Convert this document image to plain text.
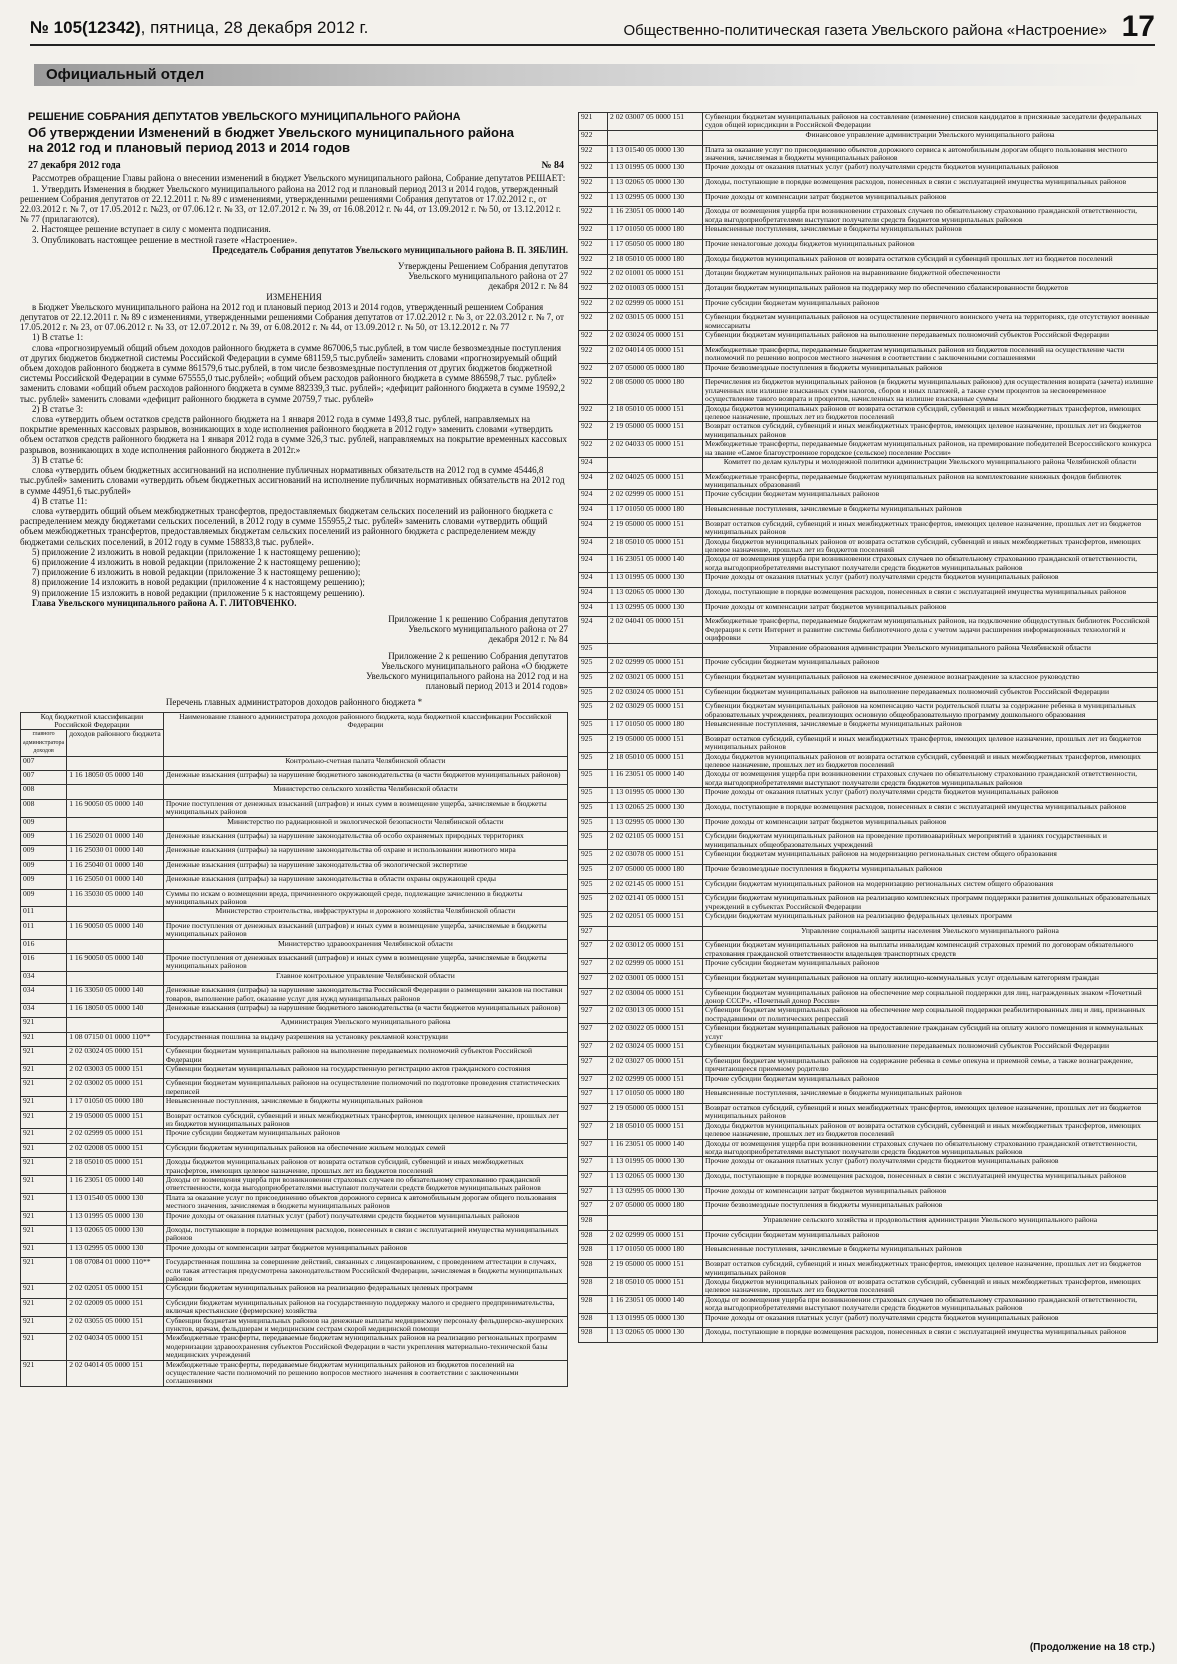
№ 105(12342), пятница, 28 декабря 2012 г.	Общественно-политическая газета Увельского района «Настроение» 17
Официальный отдел
РЕШЕНИЕ СОБРАНИЯ ДЕПУТАТОВ УВЕЛЬСКОГО МУНИЦИПАЛЬНОГО РАЙОНА
Об утверждении Изменений в бюджет Увельского муниципального района на 2012 год и плановый период 2013 и 2014 годов
27 декабря 2012 года	№ 84

Рассмотрев обращение Главы района о внесении изменений в бюджет Увельского муниципального района, Собрание депутатов РЕШАЕТ:

1. Утвердить Изменения в бюджет Увельского муниципального района на 2012 год и плановый период 2013 и 2014 годов, утвержденный решением Собрания депутатов от 22.12.2011 г. № 89 с изменениями, утвержденными решениями Собрания депутатов от 17.02.2012 г., от 22.03.2012 г. № 7, от 17.05.2012 г. №23, от 07.06.12 г. № 33, от 12.07.2012 г. № 39, от 16.08.2012 г. № 44, от 13.09.2012 г. № 50, от 13.12.2012 г. № 77 (прилагаются).

2. Настоящее решение вступает в силу с момента подписания.

3. Опубликовать настоящее решение в местной газете «Настроение».

Председатель Собрания депутатов Увельского муниципального района В. П. ЗЯБЛИН.

Утверждены Решением Собрания депутатов Увельского муниципального района от 27 декабря 2012 г. № 84

ИЗМЕНЕНИЯ

в Бюджет Увельского муниципального района на 2012 год и плановый период 2013 и 2014 годов, утвержденный решением Собрания депутатов от 22.12.2011 г. № 89 с изменениями, утвержденными решениями Собрания депутатов от 17.02.2012 г. № 3, от 22.03.2012 г. № 7, от 17.05.2012 г. № 23, от 07.06.2012 г. № 33, от 12.07.2012 г. № 39, от 6.08.2012 г. № 44, от 13.09.2012 г. № 50, от 13.12.2012 г. № 77

1) В статье 1:

слова «прогнозируемый общий объем доходов районного бюджета в сумме 867006,5 тыс.рублей, в том числе безвозмездные поступления от других бюджетов бюджетной системы Российской Федерации в сумме 681159,5 тыс.рублей» заменить словами «прогнозируемый общий объем доходов районного бюджета в сумме 861579,6 тыс.рублей, в том числе безвозмездные поступления от других бюджетов бюджетной системы Российской Федерации в сумме 675555,0 тыс.рублей»; «общий объем расходов районного бюджета в сумме 886598,7 тыс. рублей» заменить словами «общий объем расходов районного бюджета в сумме 882339,3 тыс. рублей»; «дефицит районного бюджета в сумме 19592,2 тыс. рублей» заменить словами «дефицит районного бюджета в сумме 20759,7 тыс. рублей»

2) В статье 3:

слова «утвердить объем остатков средств районного бюджета на 1 января 2012 года в сумме 1493,8 тыс. рублей, направляемых на покрытие временных кассовых разрывов, возникающих в ходе исполнения районного бюджета в 2012 году» заменить словами «утвердить объем остатков средств районного бюджета на 1 января 2012 года в сумме 326,3 тыс. рублей, направляемых на покрытие временных кассовых разрывов, возникающих в ходе исполнения районного бюджета в 2012г.»

3) В статье 6:

слова «утвердить объем бюджетных ассигнований на исполнение публичных нормативных обязательств на 2012 год в сумме 45446,8 тыс.рублей» заменить словами «утвердить объем бюджетных ассигнований на исполнение публичных нормативных обязательств на 2012 год в сумме 44951,6 тыс.рублей»

4) В статье 11:

слова «утвердить общий объем межбюджетных трансфертов, предоставляемых бюджетам сельских поселений из районного бюджета с распределением между бюджетами сельских поселений, в 2012 году в сумме 155955,2 тыс. рублей» заменить словами «утвердить общий объем межбюджетных трансфертов, предоставляемых бюджетам сельских поселений из районного бюджета с распределением между бюджетами сельских поселений, в 2012 году в сумме 158833,8 тыс. рублей».

5) приложение 2 изложить в новой редакции (приложение 1 к настоящему решению);

6) приложение 4 изложить в новой редакции (приложение 2 к настоящему решению);

7) приложение 6 изложить в новой редакции (приложение 3 к настоящему решению);

8) приложение 14 изложить в новой редакции (приложение 4 к настоящему решению);

9) приложение 15 изложить в новой редакции (приложение 5 к настоящему решению).

Глава Увельского муниципального района А. Г. ЛИТОВЧЕНКО.

Приложение 1 к решению Собрания депутатов Увельского муниципального района от 27 декабря 2012 г. № 84

Приложение 2 к решению Собрания депутатов Увельского муниципального района «О бюджете Увельского муниципального района на 2012 год и на плановый период 2013 и 2014 годов»

Перечень главных администраторов доходов районного бюджета *

Код бюджетной классификации Российской Федерации		Наименование главного администратора доходов районного бюджета, кода бюджетной классификации Российской Федерации
главного администратора доходов	доходов районного бюджета	
007		Контрольно-счетная палата Челябинской области
007	1 16 18050 05 0000 140	Денежные взыскания (штрафы) за нарушение бюджетного законодательства (в части бюджетов муниципальных районов)
008		Министерство сельского хозяйства Челябинской области
008	1 16 90050 05 0000 140	Прочие поступления от денежных взысканий (штрафов) и иных сумм в возмещение ущерба, зачисляемые в бюджеты муниципальных районов
009		Министерство по радиационной и экологической безопасности Челябинской области
009	1 16 25020 01 0000 140	Денежные взыскания (штрафы) за нарушение законодательства об особо охраняемых природных территориях
009	1 16 25030 01 0000 140	Денежные взыскания (штрафы) за нарушение законодательства об охране и использовании животного мира
009	1 16 25040 01 0000 140	Денежные взыскания (штрафы) за нарушение законодательства об экологической экспертизе
009	1 16 25050 01 0000 140	Денежные взыскания (штрафы) за нарушение законодательства в области охраны окружающей среды
009	1 16 35030 05 0000 140	Суммы по искам о возмещении вреда, причиненного окружающей среде, подлежащие зачислению в бюджеты муниципальных районов
011		Министерство строительства, инфраструктуры и дорожного хозяйства Челябинской области
011	1 16 90050 05 0000 140	Прочие поступления от денежных взысканий (штрафов) и иных сумм в возмещение ущерба, зачисляемые в бюджеты муниципальных районов
016		Министерство здравоохранения Челябинской области
016	1 16 90050 05 0000 140	Прочие поступления от денежных взысканий (штрафов) и иных сумм в возмещение ущерба, зачисляемые в бюджеты муниципальных районов
034		Главное контрольное управление Челябинской области
034	1 16 33050 05 0000 140	Денежные взыскания (штрафы) за нарушение законодательства Российской Федерации о размещении заказов на поставки товаров, выполнение работ, оказание услуг для нужд муниципальных районов
034	1 16 18050 05 0000 140	Денежные взыскания (штрафы) за нарушение бюджетного законодательства (в части бюджетов муниципальных районов)
921		Администрация Увельского муниципального района
921	1 08 07150 01 0000 110**	Государственная пошлина за выдачу разрешения на установку рекламной конструкции
921	2 02 03024 05 0000 151	Субвенции бюджетам муниципальных районов на выполнение передаваемых полномочий субъектов Российской Федерации
921	2 02 03003 05 0000 151	Субвенции бюджетам муниципальных районов на государственную регистрацию актов гражданского состояния
921	2 02 03002 05 0000 151	Субвенции бюджетам муниципальных районов на осуществление полномочий по подготовке проведения статистических переписей
921	1 17 01050 05 0000 180	Невыясненные поступления, зачисляемые в бюджеты муниципальных районов
921	2 19 05000 05 0000 151	Возврат остатков субсидий, субвенций и иных межбюджетных трансфертов, имеющих целевое назначение, прошлых лет из бюджетов муниципальных районов
921	2 02 02999 05 0000 151	Прочие субсидии бюджетам муниципальных районов
921	2 02 02008 05 0000 151	Субсидии бюджетам муниципальных районов на обеспечение жильем молодых семей
921	2 18 05010 05 0000 151	Доходы бюджетов муниципальных районов от возврата остатков субсидий, субвенций и иных межбюджетных трансфертов, имеющих целевое назначение, прошлых лет из бюджетов поселений
921	1 16 23051 05 0000 140	Доходы от возмещения ущерба при возникновении страховых случаев по обязательному страхованию гражданской ответственности, когда выгодоприобретателями выступают получатели средств бюджетов муниципальных районов
921	1 13 01540 05 0000 130	Плата за оказание услуг по присоединению объектов дорожного сервиса к автомобильным дорогам общего пользования местного значения, зачисляемая в бюджеты муниципальных районов
921	1 13 01995 05 0000 130	Прочие доходы от оказания платных услуг (работ) получателями средств бюджетов муниципальных районов
921	1 13 02065 05 0000 130	Доходы, поступающие в порядке возмещения расходов, понесенных в связи с эксплуатацией имущества муниципальных районов
921	1 13 02995 05 0000 130	Прочие доходы от компенсации затрат бюджетов муниципальных районов
921	1 08 07084 01 0000 110**	Государственная пошлина за совершение действий, связанных с лицензированием, с проведением аттестации в случаях, если такая аттестация предусмотрена законодательством Российской Федерации, зачисляемая в бюджеты муниципальных районов
921	2 02 02051 05 0000 151	Субсидии бюджетам муниципальных районов на реализацию федеральных целевых программ
921	2 02 02009 05 0000 151	Субсидии бюджетам муниципальных районов на государственную поддержку малого и среднего предпринимательства, включая крестьянские (фермерские) хозяйства
921	2 02 03055 05 0000 151	Субвенции бюджетам муниципальных районов на денежные выплаты медицинскому персоналу фельдшерско-акушерских пунктов, врачам, фельдшерам и медицинским сестрам скорой медицинской помощи
921	2 02 04034 05 0000 151	Межбюджетные трансферты, передаваемые бюджетам муниципальных районов на реализацию региональных программ модернизации здравоохранения субъектов Российской Федерации в части укрепления материально-технической базы медицинских учреждений
921	2 02 04014 05 0000 151	Межбюджетные трансферты, передаваемые бюджетам муниципальных районов из бюджетов поселений на осуществление части полномочий по решению вопросов местного значения в соответствии с заключенными соглашениями
921	2 02 03007 05 0000 151	Субвенции бюджетам муниципальных районов на составление (изменение) списков кандидатов в присяжные заседатели федеральных судов общей юрисдикции в Российской Федерации
922		Финансовое управление администрации Увельского муниципального района
922	1 13 01540 05 0000 130	Плата за оказание услуг по присоединению объектов дорожного сервиса к автомобильным дорогам общего пользования местного значения, зачисляемая в бюджеты муниципальных районов
922	1 13 01995 05 0000 130	Прочие доходы от оказания платных услуг (работ) получателями средств бюджетов муниципальных районов
922	1 13 02065 05 0000 130	Доходы, поступающие в порядке возмещения расходов, понесенных в связи с эксплуатацией имущества муниципальных районов
922	1 13 02995 05 0000 130	Прочие доходы от компенсации затрат бюджетов муниципальных районов
922	1 16 23051 05 0000 140	Доходы от возмещения ущерба при возникновении страховых случаев по обязательному страхованию гражданской ответственности, когда выгодоприобретателями выступают получатели средств бюджетов муниципальных районов
922	1 17 01050 05 0000 180	Невыясненные поступления, зачисляемые в бюджеты муниципальных районов
922	1 17 05050 05 0000 180	Прочие неналоговые доходы бюджетов муниципальных районов
922	2 18 05010 05 0000 180	Доходы бюджетов муниципальных районов от возврата остатков субсидий и субвенций прошлых лет из бюджетов поселений
922	2 02 01001 05 0000 151	Дотации бюджетам муниципальных районов на выравнивание бюджетной обеспеченности
922	2 02 01003 05 0000 151	Дотации бюджетам муниципальных районов на поддержку мер по обеспечению сбалансированности бюджетов
922	2 02 02999 05 0000 151	Прочие субсидии бюджетам муниципальных районов
922	2 02 03015 05 0000 151	Субвенции бюджетам муниципальных районов на осуществление первичного воинского учета на территориях, где отсутствуют военные комиссариаты
922	2 02 03024 05 0000 151	Субвенции бюджетам муниципальных районов на выполнение передаваемых полномочий субъектов Российской Федерации
922	2 02 04014 05 0000 151	Межбюджетные трансферты, передаваемые бюджетам муниципальных районов из бюджетов поселений на осуществление части полномочий по решению вопросов местного значения в соответствии с заключенными соглашениями
922	2 07 05000 05 0000 180	Прочие безвозмездные поступления в бюджеты муниципальных районов
922	2 08 05000 05 0000 180	Перечисления из бюджетов муниципальных районов (в бюджеты муниципальных районов) для осуществления возврата (зачета) излишне уплаченных или излишне взысканных сумм налогов, сборов и иных платежей, а также сумм процентов за несвоевременное осуществление такого возврата и процентов, начисленных на излишне взысканные суммы
922	2 18 05010 05 0000 151	Доходы бюджетов муниципальных районов от возврата остатков субсидий, субвенций и иных межбюджетных трансфертов, имеющих целевое назначение, прошлых лет из бюджетов поселений
922	2 19 05000 05 0000 151	Возврат остатков субсидий, субвенций и иных межбюджетных трансфертов, имеющих целевое назначение, прошлых лет из бюджетов муниципальных районов
922	2 02 04033 05 0000 151	Межбюджетные трансферты, передаваемые бюджетам муниципальных районов, на премирование победителей Всероссийского конкурса на звание «Самое благоустроенное городское (сельское) поселение России»
924		Комитет по делам культуры и молодежной политики администрации Увельского муниципального района Челябинской области
924	2 02 04025 05 0000 151	Межбюджетные трансферты, передаваемые бюджетам муниципальных районов на комплектование книжных фондов библиотек муниципальных образований
924	2 02 02999 05 0000 151	Прочие субсидии бюджетам муниципальных районов
924	1 17 01050 05 0000 180	Невыясненные поступления, зачисляемые в бюджеты муниципальных районов
924	2 19 05000 05 0000 151	Возврат остатков субсидий, субвенций и иных межбюджетных трансфертов, имеющих целевое назначение, прошлых лет из бюджетов муниципальных районов
924	2 18 05010 05 0000 151	Доходы бюджетов муниципальных районов от возврата остатков субсидий, субвенций и иных межбюджетных трансфертов, имеющих целевое назначение, прошлых лет из бюджетов поселений
924	1 16 23051 05 0000 140	Доходы от возмещения ущерба при возникновении страховых случаев по обязательному страхованию гражданской ответственности, когда выгодоприобретателями выступают получатели средств бюджетов муниципальных районов
924	1 13 01995 05 0000 130	Прочие доходы от оказания платных услуг (работ) получателями средств бюджетов муниципальных районов
924	1 13 02065 05 0000 130	Доходы, поступающие в порядке возмещения расходов, понесенных в связи с эксплуатацией имущества муниципальных районов
924	1 13 02995 05 0000 130	Прочие доходы от компенсации затрат бюджетов муниципальных районов
924	2 02 04041 05 0000 151	Межбюджетные трансферты, передаваемые бюджетам муниципальных районов, на подключение общедоступных библиотек Российской Федерации к сети Интернет и развитие системы библиотечного дела с учетом задачи расширения информационных технологий и оцифровки
925		Управление образования администрации Увельского муниципального района Челябинской области
925	2 02 02999 05 0000 151	Прочие субсидии бюджетам муниципальных районов
925	2 02 03021 05 0000 151	Субвенции бюджетам муниципальных районов на ежемесячное денежное вознаграждение за классное руководство
925	2 02 03024 05 0000 151	Субвенции бюджетам муниципальных районов на выполнение передаваемых полномочий субъектов Российской Федерации
925	2 02 03029 05 0000 151	Субвенции бюджетам муниципальных районов на компенсацию части родительской платы за содержание ребенка в муниципальных образовательных учреждениях, реализующих основную общеобразовательную программу дошкольного образования
925	1 17 01050 05 0000 180	Невыясненные поступления, зачисляемые в бюджеты муниципальных районов
925	2 19 05000 05 0000 151	Возврат остатков субсидий, субвенций и иных межбюджетных трансфертов, имеющих целевое назначение, прошлых лет из бюджетов муниципальных районов
925	2 18 05010 05 0000 151	Доходы бюджетов муниципальных районов от возврата остатков субсидий, субвенций и иных межбюджетных трансфертов, имеющих целевое назначение, прошлых лет из бюджетов поселений
925	1 16 23051 05 0000 140	Доходы от возмещения ущерба при возникновении страховых случаев по обязательному страхованию гражданской ответственности, когда выгодоприобретателями выступают получатели средств бюджетов муниципальных районов
925	1 13 01995 05 0000 130	Прочие доходы от оказания платных услуг (работ) получателями средств бюджетов муниципальных районов
925	1 13 02065 25 0000 130	Доходы, поступающие в порядке возмещения расходов, понесенных в связи с эксплуатацией имущества муниципальных районов
925	1 13 02995 05 0000 130	Прочие доходы от компенсации затрат бюджетов муниципальных районов
925	2 02 02105 05 0000 151	Субсидии бюджетам муниципальных районов на проведение противоаварийных мероприятий в зданиях государственных и муниципальных общеобразовательных учреждений
925	2 02 03078 05 0000 151	Субвенции бюджетам муниципальных районов на модернизацию региональных систем общего образования
925	2 07 05000 05 0000 180	Прочие безвозмездные поступления в бюджеты муниципальных районов
925	2 02 02145 05 0000 151	Субсидии бюджетам муниципальных районов на модернизацию региональных систем общего образования
925	2 02 02141 05 0000 151	Субсидии бюджетам муниципальных районов на реализацию комплексных программ поддержки развития дошкольных образовательных учреждений в субъектах Российской Федерации
925	2 02 02051 05 0000 151	Субсидии бюджетам муниципальных районов на реализацию федеральных целевых программ
927		Управление социальной защиты населения Увельского муниципального района
927	2 02 03012 05 0000 151	Субвенции бюджетам муниципальных районов на выплаты инвалидам компенсаций страховых премий по договорам обязательного страхования гражданской ответственности владельцев транспортных средств
927	2 02 02999 05 0000 151	Прочие субсидии бюджетам муниципальных районов
927	2 02 03001 05 0000 151	Субвенции бюджетам муниципальных районов на оплату жилищно-коммунальных услуг отдельным категориям граждан
927	2 02 03004 05 0000 151	Субвенции бюджетам муниципальных районов на обеспечение мер социальной поддержки для лиц, награжденных знаком «Почетный донор СССР», «Почетный донор России»
927	2 02 03013 05 0000 151	Субвенции бюджетам муниципальных районов на обеспечение мер социальной поддержки реабилитированных лиц и лиц, признанных пострадавшими от политических репрессий
927	2 02 03022 05 0000 151	Субвенции бюджетам муниципальных районов на предоставление гражданам субсидий на оплату жилого помещения и коммунальных услуг
927	2 02 03024 05 0000 151	Субвенции бюджетам муниципальных районов на выполнение передаваемых полномочий субъектов Российской Федерации
927	2 02 03027 05 0000 151	Субвенции бюджетам муниципальных районов на содержание ребенка в семье опекуна и приемной семье, а также вознаграждение, причитающееся приемному родителю
927	2 02 02999 05 0000 151	Прочие субсидии бюджетам муниципальных районов
927	1 17 01050 05 0000 180	Невыясненные поступления, зачисляемые в бюджеты муниципальных районов
927	2 19 05000 05 0000 151	Возврат остатков субсидий, субвенций и иных межбюджетных трансфертов, имеющих целевое назначение, прошлых лет из бюджетов муниципальных районов
927	2 18 05010 05 0000 151	Доходы бюджетов муниципальных районов от возврата остатков субсидий, субвенций и иных межбюджетных трансфертов, имеющих целевое назначение, прошлых лет из бюджетов поселений
927	1 16 23051 05 0000 140	Доходы от возмещения ущерба при возникновении страховых случаев по обязательному страхованию гражданской ответственности, когда выгодоприобретателями выступают получатели средств бюджетов муниципальных районов
927	1 13 01995 05 0000 130	Прочие доходы от оказания платных услуг (работ) получателями средств бюджетов муниципальных районов
927	1 13 02065 05 0000 130	Доходы, поступающие в порядке возмещения расходов, понесенных в связи с эксплуатацией имущества муниципальных районов
927	1 13 02995 05 0000 130	Прочие доходы от компенсации затрат бюджетов муниципальных районов
927	2 07 05000 05 0000 180	Прочие безвозмездные поступления в бюджеты муниципальных районов
928		Управление сельского хозяйства и продовольствия администрации Увельского муниципального района
928	2 02 02999 05 0000 151	Прочие субсидии бюджетам муниципальных районов
928	1 17 01050 05 0000 180	Невыясненные поступления, зачисляемые в бюджеты муниципальных районов
928	2 19 05000 05 0000 151	Возврат остатков субсидий, субвенций и иных межбюджетных трансфертов, имеющих целевое назначение, прошлых лет из бюджетов муниципальных районов
928	2 18 05010 05 0000 151	Доходы бюджетов муниципальных районов от возврата остатков субсидий, субвенций и иных межбюджетных трансфертов, имеющих целевое назначение, прошлых лет из бюджетов поселений
928	1 16 23051 05 0000 140	Доходы от возмещения ущерба при возникновении страховых случаев по обязательному страхованию гражданской ответственности, когда выгодоприобретателями выступают получатели средств бюджетов муниципальных районов
928	1 13 01995 05 0000 130	Прочие доходы от оказания платных услуг (работ) получателями средств бюджетов муниципальных районов
928	1 13 02065 05 0000 130	Доходы, поступающие в порядке возмещения расходов, понесенных в связи с эксплуатацией имущества муниципальных районов
(Продолжение на 18 стр.)
